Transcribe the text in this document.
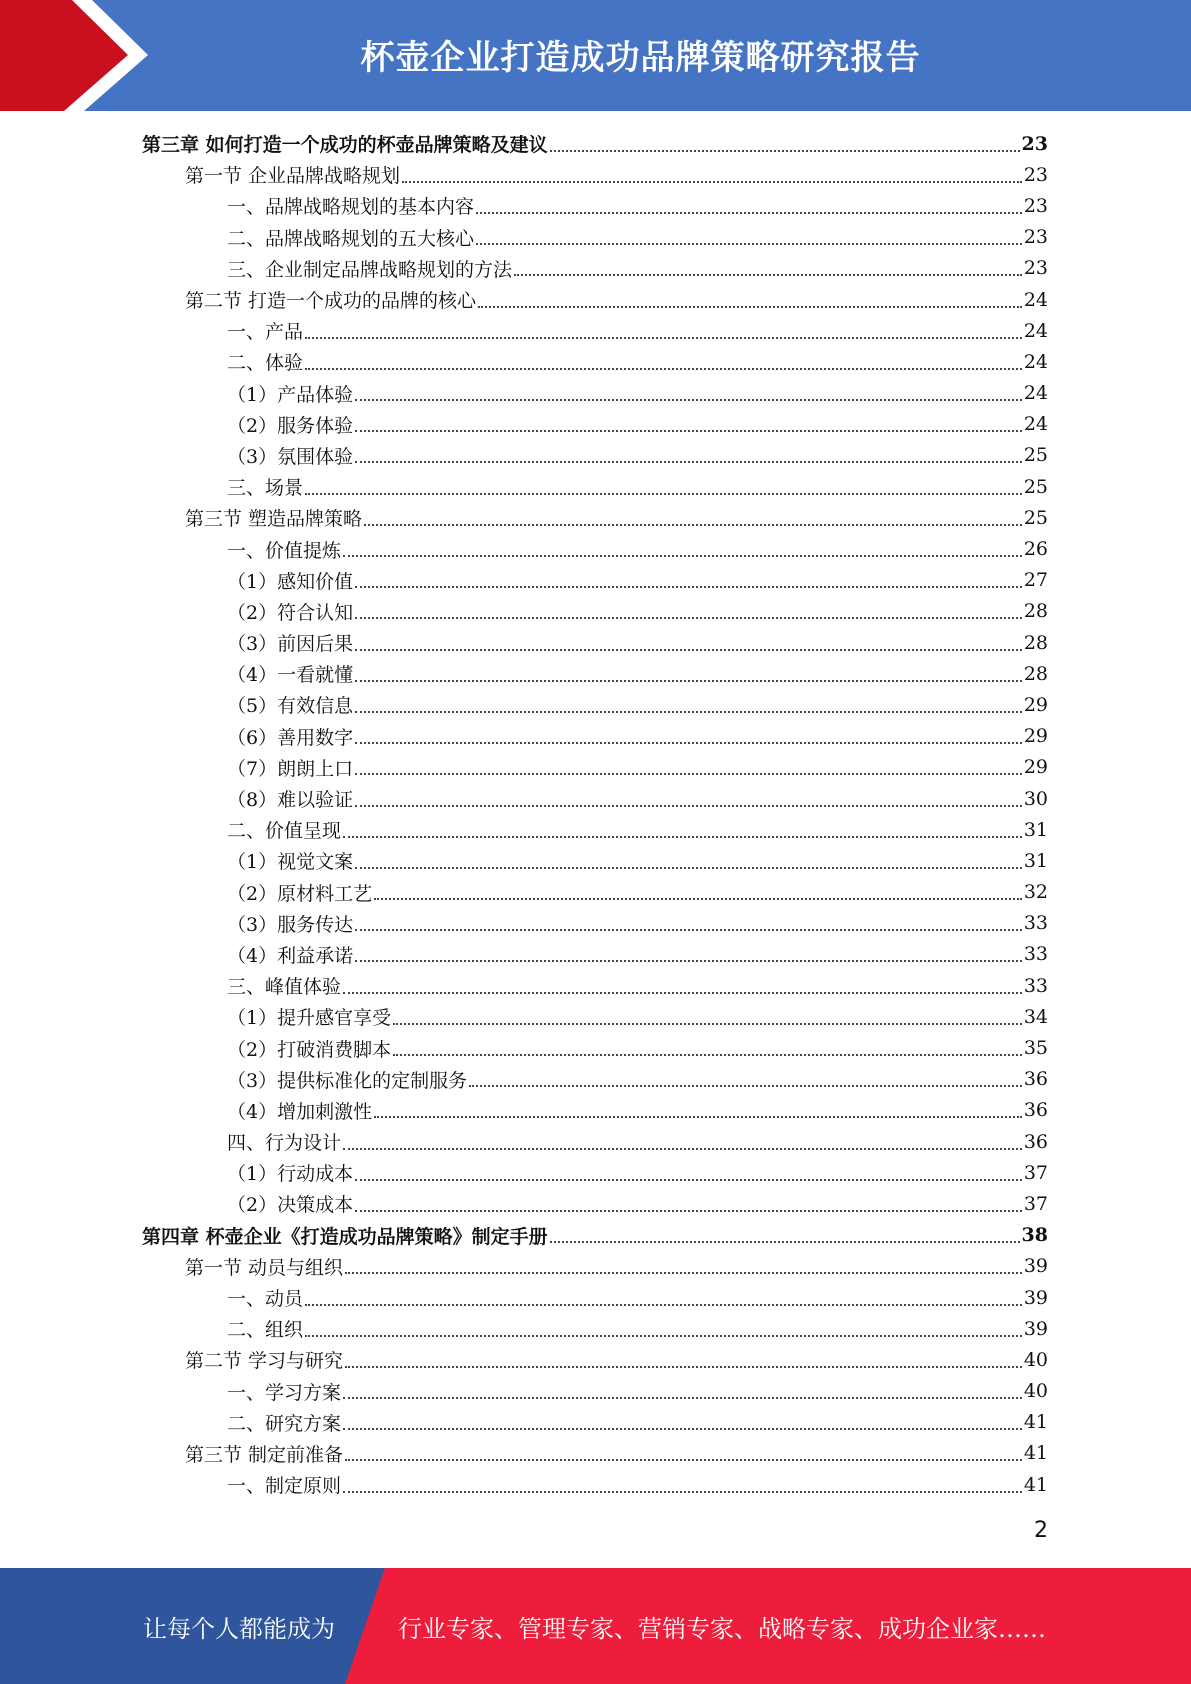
杯壶企业打造成功品牌策略研究报告
第三章 如何打造一个成功的杯壶品牌策略及建议	23
第一节 企业品牌战略规划	23
一、品牌战略规划的基本内容	23
二、品牌战略规划的五大核心	23
三、企业制定品牌战略规划的方法	23
第二节 打造一个成功的品牌的核心	24
一、产品	24
二、体验	24
（1）产品体验	24
（2）服务体验	24
（3）氛围体验	25
三、场景	25
第三节 塑造品牌策略	25
一、价值提炼	26
（1）感知价值	27
（2）符合认知	28
（3）前因后果	28
（4）一看就懂	28
（5）有效信息	29
（6）善用数字	29
（7）朗朗上口	29
（8）难以验证	30
二、价值呈现	31
（1）视觉文案	31
（2）原材料工艺	32
（3）服务传达	33
（4）利益承诺	33
三、峰值体验	33
（1）提升感官享受	34
（2）打破消费脚本	35
（3）提供标准化的定制服务	36
（4）增加刺激性	36
四、行为设计	36
（1）行动成本	37
（2）决策成本	37
第四章 杯壶企业《打造成功品牌策略》制定手册	38
第一节 动员与组织	39
一、动员	39
二、组织	39
第二节 学习与研究	40
一、学习方案	40
二、研究方案	41
第三节 制定前准备	41
一、制定原则	41
2
让每个人都能成为	行业专家、管理专家、营销专家、战略专家、成功企业家……
